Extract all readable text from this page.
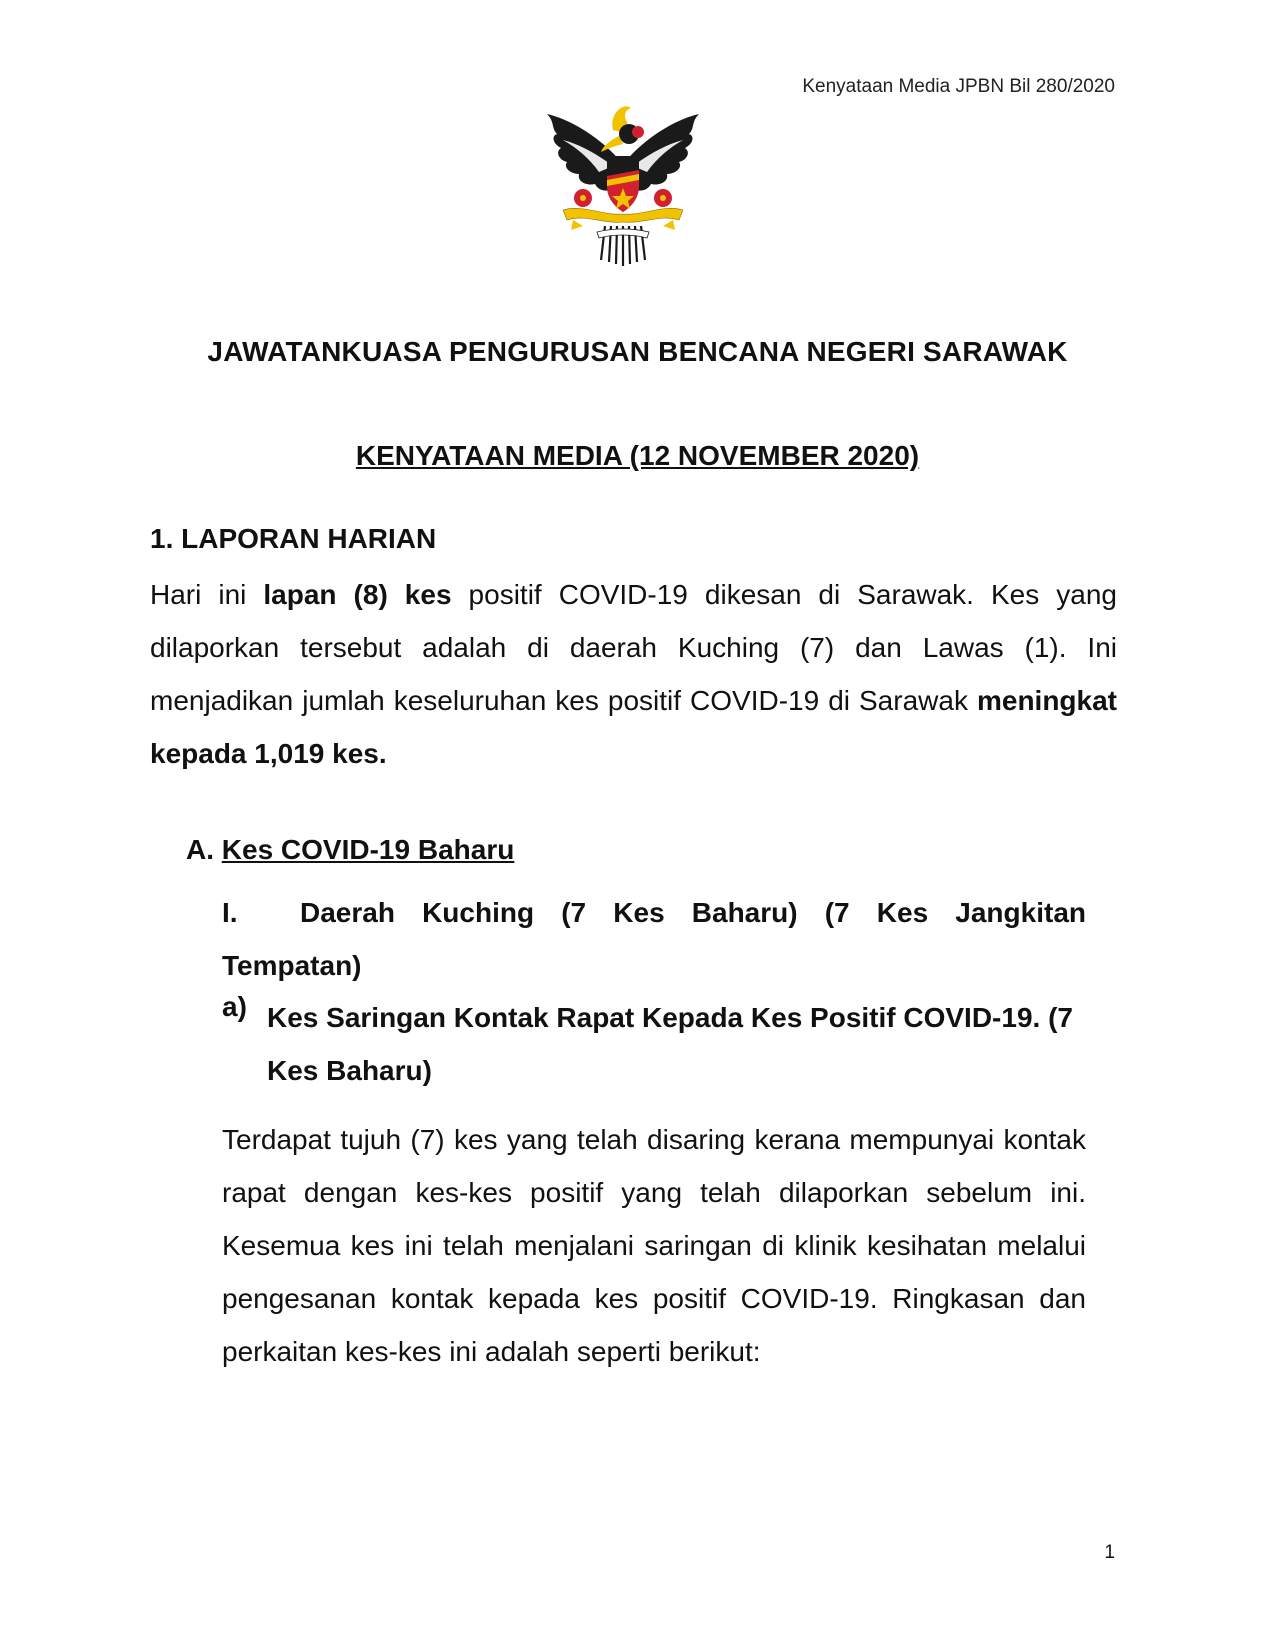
Kenyataan Media JPBN Bil 280/2020
JAWATANKUASA PENGURUSAN BENCANA NEGERI SARAWAK
KENYATAAN MEDIA (12 NOVEMBER 2020)
1. LAPORAN HARIAN
Hari ini lapan (8) kes positif COVID-19 dikesan di Sarawak. Kes yang dilaporkan tersebut adalah di daerah Kuching (7) dan Lawas (1). Ini menjadikan jumlah keseluruhan kes positif COVID-19 di Sarawak meningkat kepada 1,019 kes.
A. Kes COVID-19 Baharu
I. Daerah Kuching (7 Kes Baharu) (7 Kes Jangkitan Tempatan)
a) Kes Saringan Kontak Rapat Kepada Kes Positif COVID-19. (7 Kes Baharu)
Terdapat tujuh (7) kes yang telah disaring kerana mempunyai kontak rapat dengan kes-kes positif yang telah dilaporkan sebelum ini. Kesemua kes ini telah menjalani saringan di klinik kesihatan melalui pengesanan kontak kepada kes positif COVID-19. Ringkasan dan perkaitan kes-kes ini adalah seperti berikut:
1
